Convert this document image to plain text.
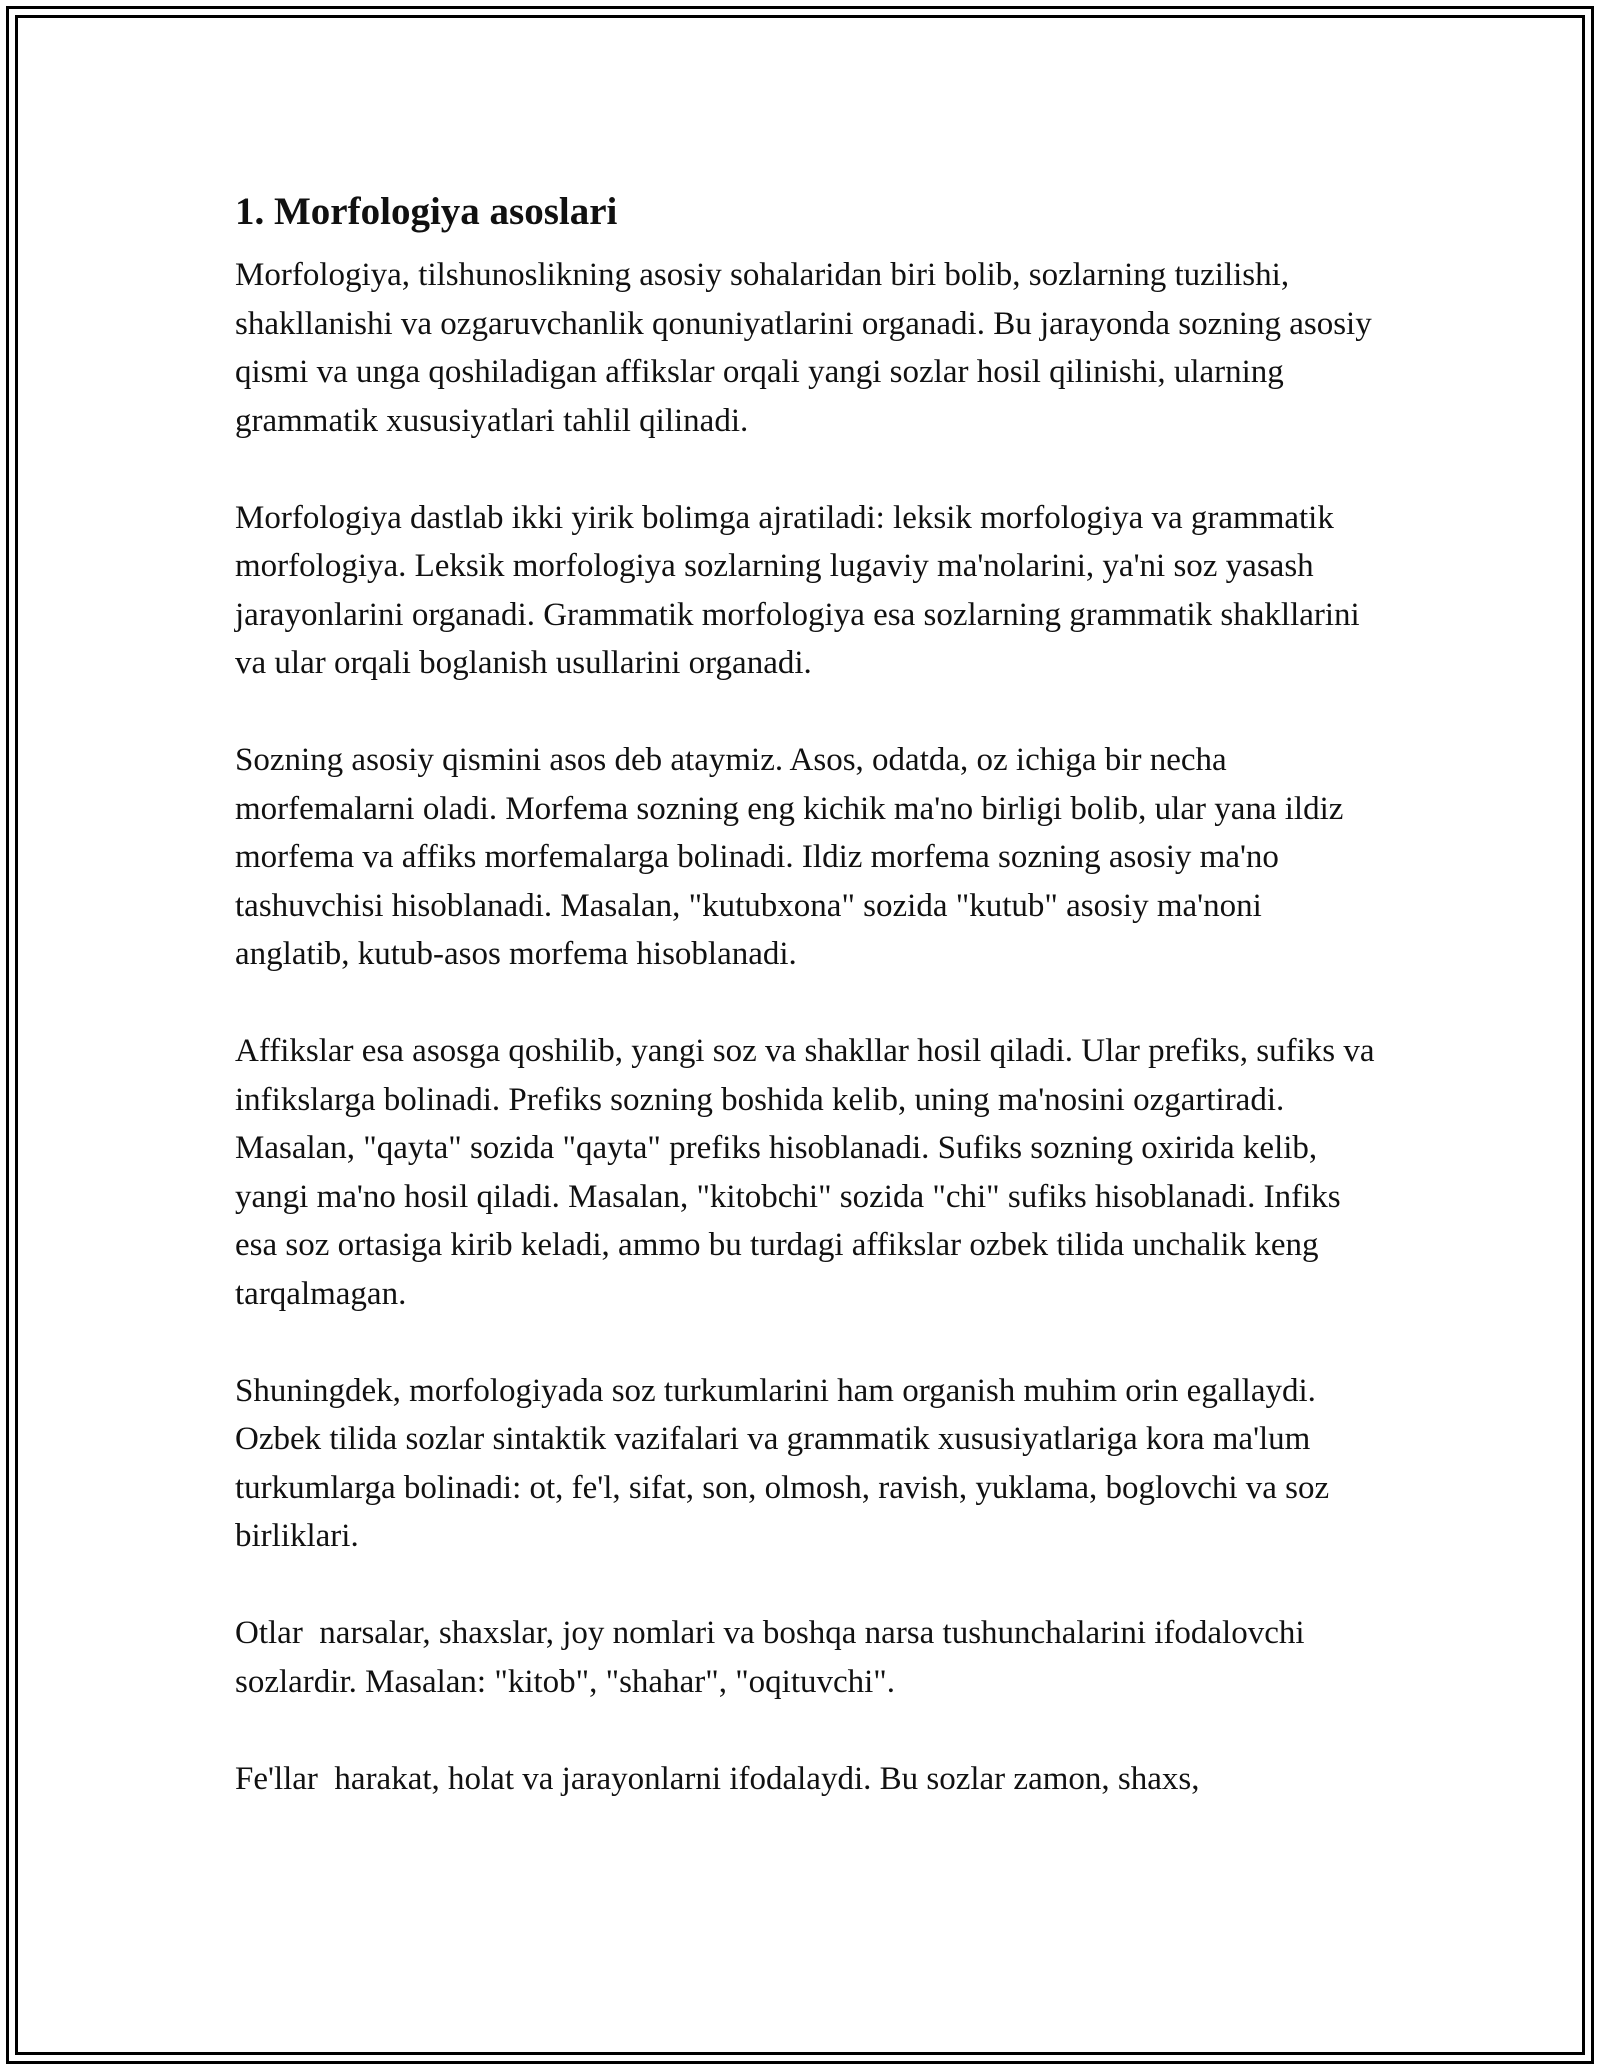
1. Morfologiya asoslari

Morfologiya, tilshunoslikning asosiy sohalaridan biri bolib, sozlarning tuzilishi, shakllanishi va ozgaruvchanlik qonuniyatlarini organadi. Bu jarayonda sozning asosiy qismi va unga qoshiladigan affikslar orqali yangi sozlar hosil qilinishi, ularning grammatik xususiyatlari tahlil qilinadi.

Morfologiya dastlab ikki yirik bolimga ajratiladi: leksik morfologiya va grammatik morfologiya. Leksik morfologiya sozlarning lugaviy ma'nolarini, ya'ni soz yasash jarayonlarini organadi. Grammatik morfologiya esa sozlarning grammatik shakllarini va ular orqali boglanish usullarini organadi.

Sozning asosiy qismini asos deb ataymiz. Asos, odatda, oz ichiga bir necha morfemalarni oladi. Morfema sozning eng kichik ma'no birligi bolib, ular yana ildiz morfema va affiks morfemalarga bolinadi. Ildiz morfema sozning asosiy ma'no tashuvchisi hisoblanadi. Masalan, "kutubxona" sozida "kutub" asosiy ma'noni anglatib, kutub-asos morfema hisoblanadi.

Affikslar esa asosga qoshilib, yangi soz va shakllar hosil qiladi. Ular prefiks, sufiks va infikslarga bolinadi. Prefiks sozning boshida kelib, uning ma'nosini ozgartiradi. Masalan, "qayta" sozida "qayta" prefiks hisoblanadi. Sufiks sozning oxirida kelib, yangi ma'no hosil qiladi. Masalan, "kitobchi" sozida "chi" sufiks hisoblanadi. Infiks esa soz ortasiga kirib keladi, ammo bu turdagi affikslar ozbek tilida unchalik keng tarqalmagan.

Shuningdek, morfologiyada soz turkumlarini ham organish muhim orin egallaydi. Ozbek tilida sozlar sintaktik vazifalari va grammatik xususiyatlariga kora ma'lum turkumlarga bolinadi: ot, fe'l, sifat, son, olmosh, ravish, yuklama, boglovchi va soz birliklari.

Otlar  narsalar, shaxslar, joy nomlari va boshqa narsa tushunchalarini ifodalovchi sozlardir. Masalan: "kitob", "shahar", "oqituvchi".

Fe'llar  harakat, holat va jarayonlarni ifodalaydi. Bu sozlar zamon, shaxs,
